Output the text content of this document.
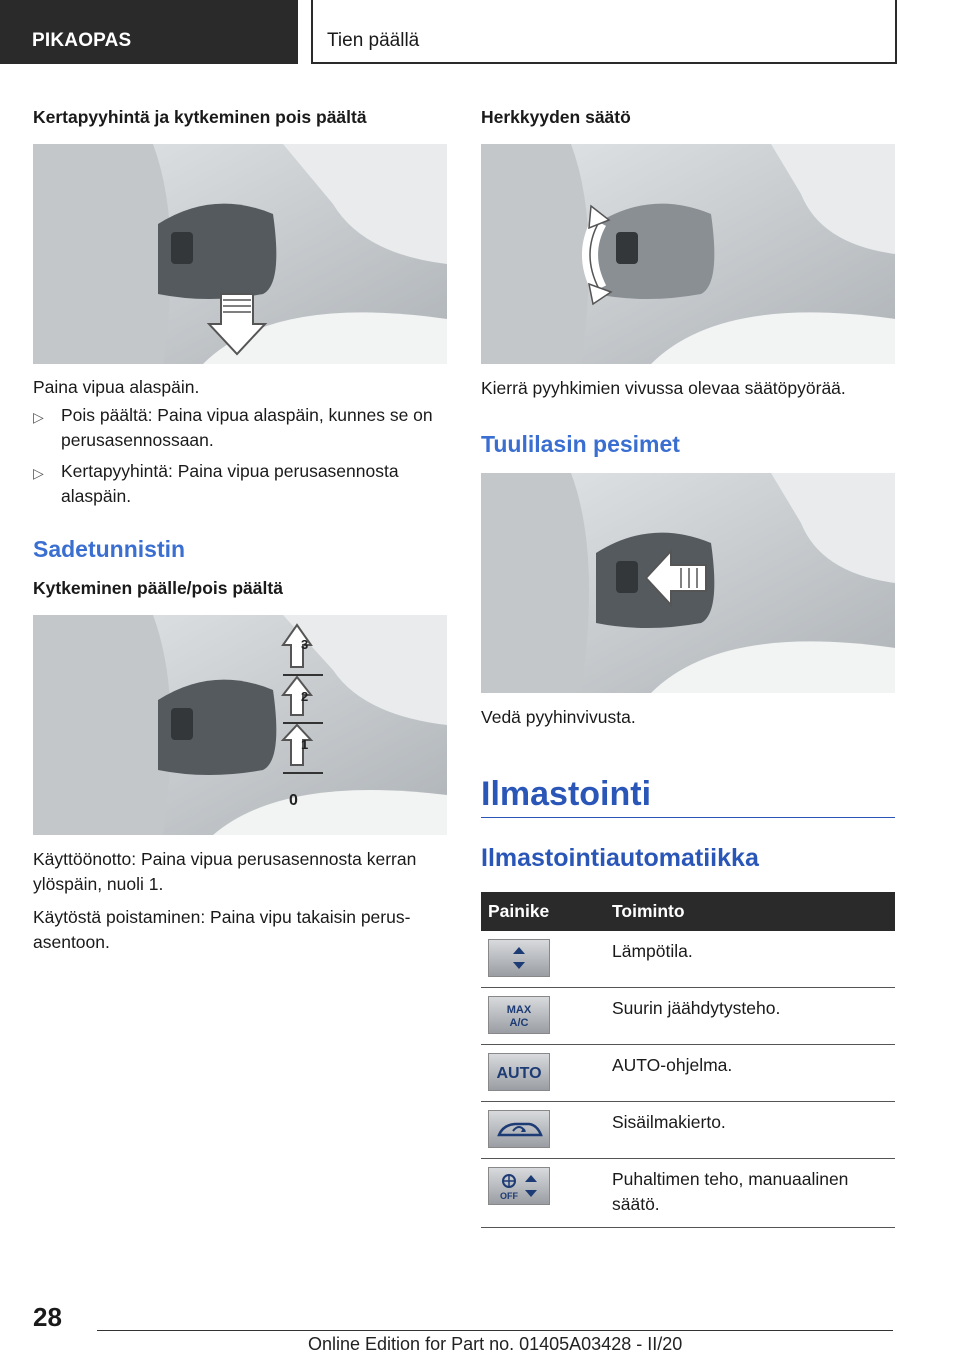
PIKAOPAS	Tien päällä
Kertapyyhintä ja kytkeminen pois päältä

Paina vipua alaspäin.

▷ Pois päältä: Paina vipua alaspäin, kunnes se on perusasennossaan.
▷ Kertapyyhintä: Paina vipua perusasennosta alaspäin.
Sadetunnistin
Kytkeminen päälle/pois päältä
3
2
1
0

Käyttöönotto: Paina vipua perusasennosta kerran ylöspäin, nuoli 1.

Käytöstä poistaminen: Paina vipu takaisin perus‐asentoon.

Herkkyyden säätö

Kierrä pyyhkimien vivussa olevaa säätöpyörää.

Tuulilasin pesimet

Vedä pyyhinvivusta.

Ilmastointi
Ilmastointiautomatiikka
Painike	Toiminto

	Lämpötila.

MAX
A/C	Suurin jäähdytysteho.

AUTO	AUTO-ohjelma.

	Sisäilmakierto.

OFF	Puhaltimen teho, manuaalinen säätö.
28
Online Edition for Part no. 01405A03428 - II/20
